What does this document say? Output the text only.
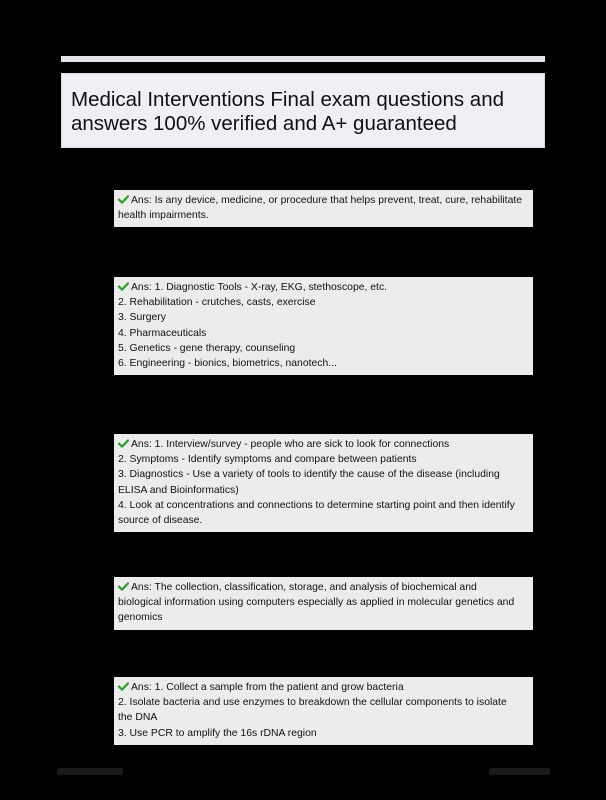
Medical Interventions Final exam questions and
answers 100% verified and A+ guaranteed
Ans: Is any device, medicine, or procedure that helps prevent, treat, cure, rehabilitate
health impairments.
Ans: 1. Diagnostic Tools - X-ray, EKG, stethoscope, etc.
2. Rehabilitation - crutches, casts, exercise
3. Surgery
4. Pharmaceuticals
5. Genetics - gene therapy, counseling
6. Engineering - bionics, biometrics, nanotech...
Ans: 1. Interview/survey - people who are sick to look for connections
2. Symptoms - Identify symptoms and compare between patients
3. Diagnostics - Use a variety of tools to identify the cause of the disease (including
ELISA and Bioinformatics)
4. Look at concentrations and connections to determine starting point and then identify
source of disease.
Ans: The collection, classification, storage, and analysis of biochemical and
biological information using computers especially as applied in molecular genetics and
genomics
Ans: 1. Collect a sample from the patient and grow bacteria
2. Isolate bacteria and use enzymes to breakdown the cellular components to isolate
the DNA
3. Use PCR to amplify the 16s rDNA region
